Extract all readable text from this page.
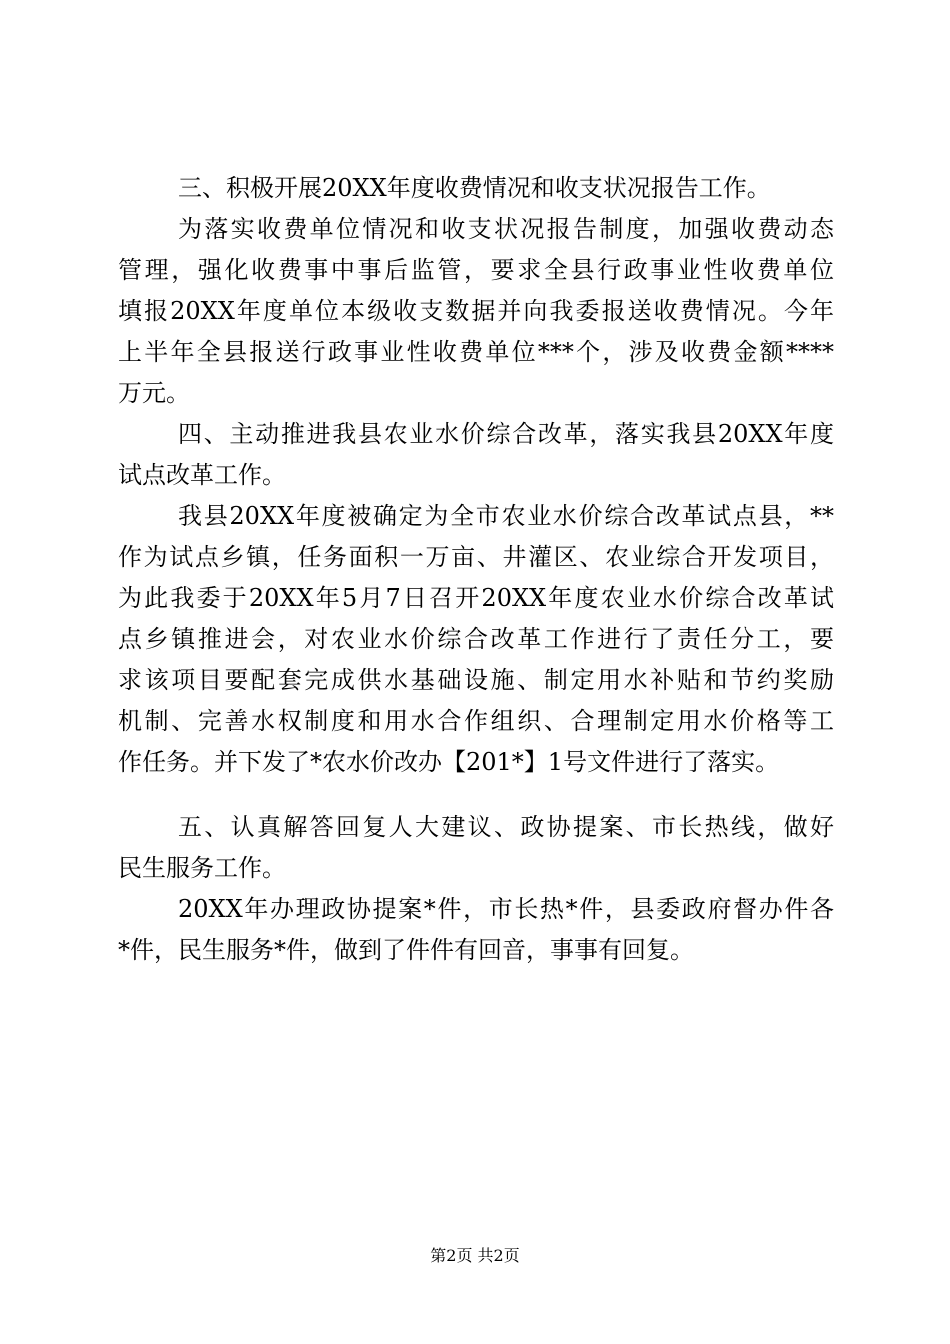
三、积极开展20XX年度收费情况和收支状况报告工作。
为落实收费单位情况和收支状况报告制度，加强收费动态
管理，强化收费事中事后监管，要求全县行政事业性收费单位
填报20XX年度单位本级收支数据并向我委报送收费情况。今年
上半年全县报送行政事业性收费单位***个，涉及收费金额****
万元。
四、主动推进我县农业水价综合改革，落实我县20XX年度
试点改革工作。
我县20XX年度被确定为全市农业水价综合改革试点县，**
作为试点乡镇，任务面积一万亩、井灌区、农业综合开发项目，
为此我委于20XX年5月7日召开20XX年度农业水价综合改革试
点乡镇推进会，对农业水价综合改革工作进行了责任分工，要
求该项目要配套完成供水基础设施、制定用水补贴和节约奖励
机制、完善水权制度和用水合作组织、合理制定用水价格等工
作任务。并下发了*农水价改办【201*】1号文件进行了落实。
五、认真解答回复人大建议、政协提案、市长热线，做好
民生服务工作。
20XX年办理政协提案*件，市长热*件，县委政府督办件各
*件，民生服务*件，做到了件件有回音，事事有回复。
第2页 共2页
